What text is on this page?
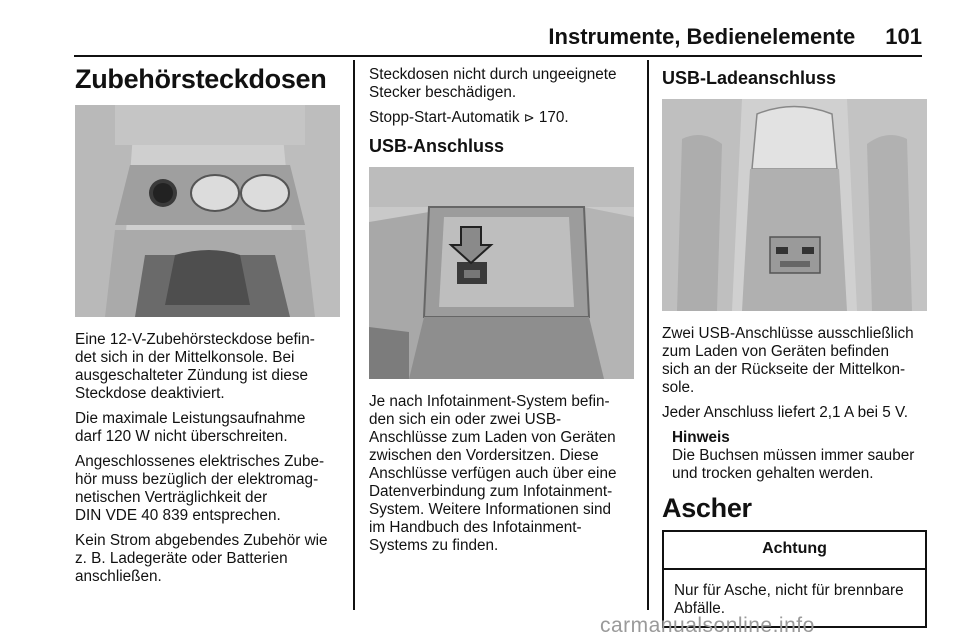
Instrumente, Bedienelemente 101
Zubehörsteckdosen

Eine 12-V-Zubehörsteckdose befin-
det sich in der Mittelkonsole. Bei
ausgeschalteter Zündung ist diese
Steckdose deaktiviert.

Die maximale Leistungsaufnahme
darf 120 W nicht überschreiten.

Angeschlossenes elektrisches Zube-
hör muss bezüglich der elektromag-
netischen Verträglichkeit der
DIN VDE 40 839 entsprechen.

Kein Strom abgebendes Zubehör wie
z. B. Ladegeräte oder Batterien
anschließen.

Steckdosen nicht durch ungeeignete
Stecker beschädigen.

Stopp-Start-Automatik ⊳ 170.

USB-Anschluss

Je nach Infotainment-System befin-
den sich ein oder zwei USB-
Anschlüsse zum Laden von Geräten
zwischen den Vordersitzen. Diese
Anschlüsse verfügen auch über eine
Datenverbindung zum Infotainment-
System. Weitere Informationen sind
im Handbuch des Infotainment-
Systems zu finden.

USB-Ladeanschluss

Zwei USB-Anschlüsse ausschließlich
zum Laden von Geräten befinden
sich an der Rückseite der Mittelkon-
sole.

Jeder Anschluss liefert 2,1 A bei 5 V.

Hinweis

Die Buchsen müssen immer sauber
und trocken gehalten werden.

Ascher
Achtung
Nur für Asche, nicht für brennbare
Abfälle.
carmanualsonline.info
